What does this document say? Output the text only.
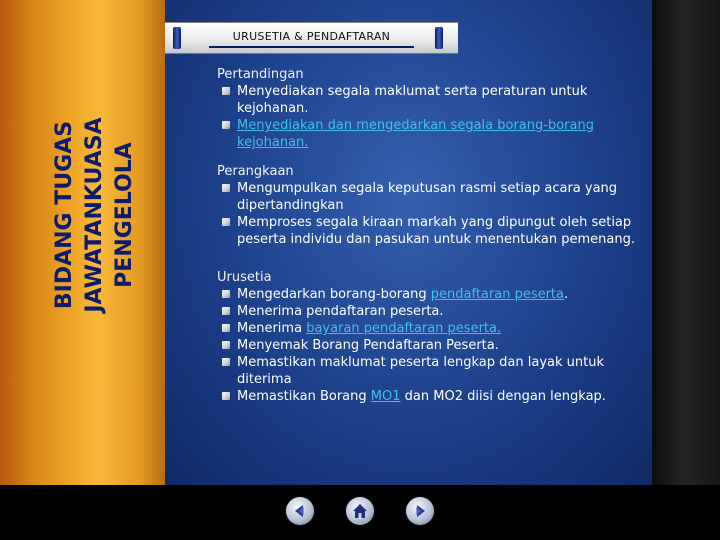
BIDANG TUGAS JAWATANKUASA PENGELOLA
URUSETIA & PENDAFTARAN
Pertandingan
Menyediakan segala maklumat serta peraturan untuk kejohanan.
Menyediakan dan mengedarkan segala borang-borang kejohanan.
Perangkaan
Mengumpulkan segala keputusan rasmi setiap acara yang dipertandingkan
Memproses segala kiraan markah yang dipungut oleh setiap peserta individu dan pasukan untuk menentukan pemenang.
Urusetia
Mengedarkan borang-borang pendaftaran peserta.
Menerima pendaftaran peserta.
Menerima bayaran pendaftaran peserta.
Menyemak Borang Pendaftaran Peserta.
Memastikan maklumat peserta lengkap dan layak untuk diterima
Memastikan Borang MO1 dan MO2 diisi dengan lengkap.
